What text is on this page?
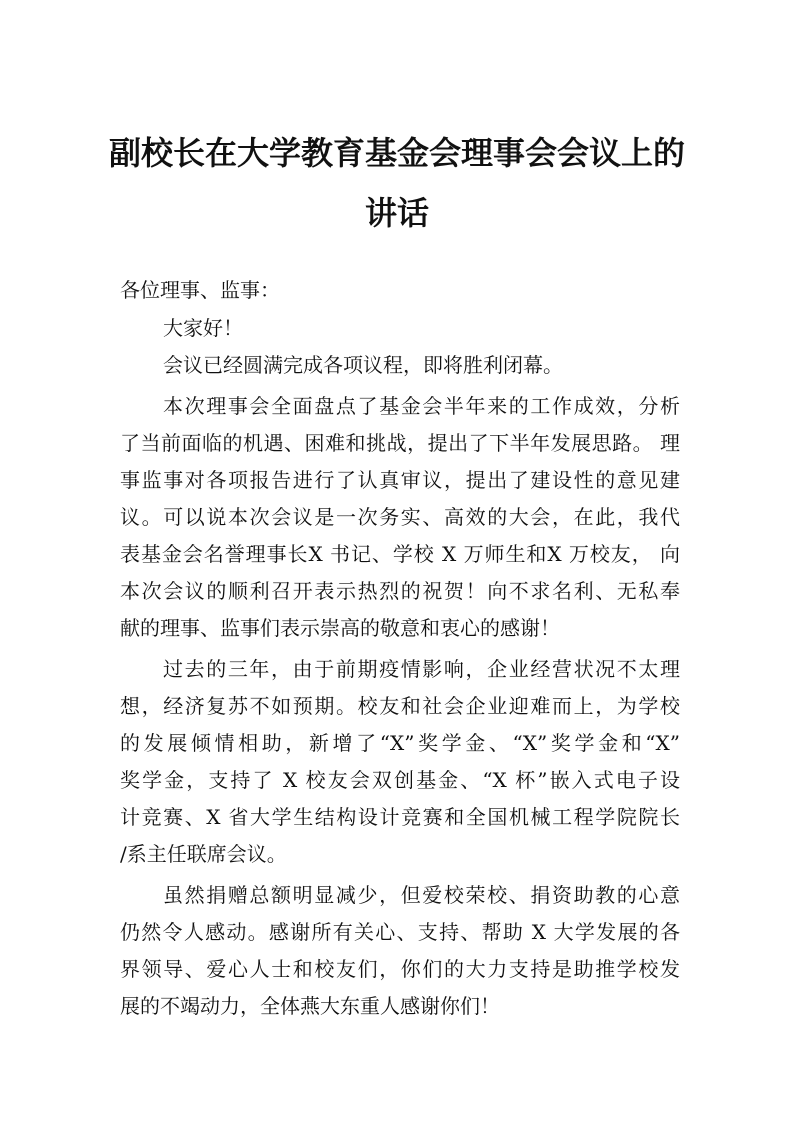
副校长在大学教育基金会理事会会议上的
讲话
各位理事、监事：
大家好！
会议已经圆满完成各项议程，即将胜利闭幕。
本次理事会全面盘点了基金会半年来的工作成效，分析
了当前面临的机遇、困难和挑战，提出了下半年发展思路。 理
事监事对各项报告进行了认真审议，提出了建设性的意见建
议。可以说本次会议是一次务实、高效的大会，在此，我代
表基金会名誉理事长X 书记、学校 X 万师生和X 万校友， 向
本次会议的顺利召开表示热烈的祝贺！向不求名利、无私奉
献的理事、监事们表示崇高的敬意和衷心的感谢！
过去的三年，由于前期疫情影响，企业经营状况不太理
想，经济复苏不如预期。校友和社会企业迎难而上，为学校
的发展倾情相助，新增了“X”奖学金、“X”奖学金和“X”
奖学金，支持了 X 校友会双创基金、“X 杯”嵌入式电子设
计竞赛、X 省大学生结构设计竞赛和全国机械工程学院院长
/系主任联席会议。
虽然捐赠总额明显减少，但爱校荣校、捐资助教的心意
仍然令人感动。感谢所有关心、支持、帮助 X 大学发展的各
界领导、爱心人士和校友们，你们的大力支持是助推学校发
展的不竭动力，全体燕大东重人感谢你们！
